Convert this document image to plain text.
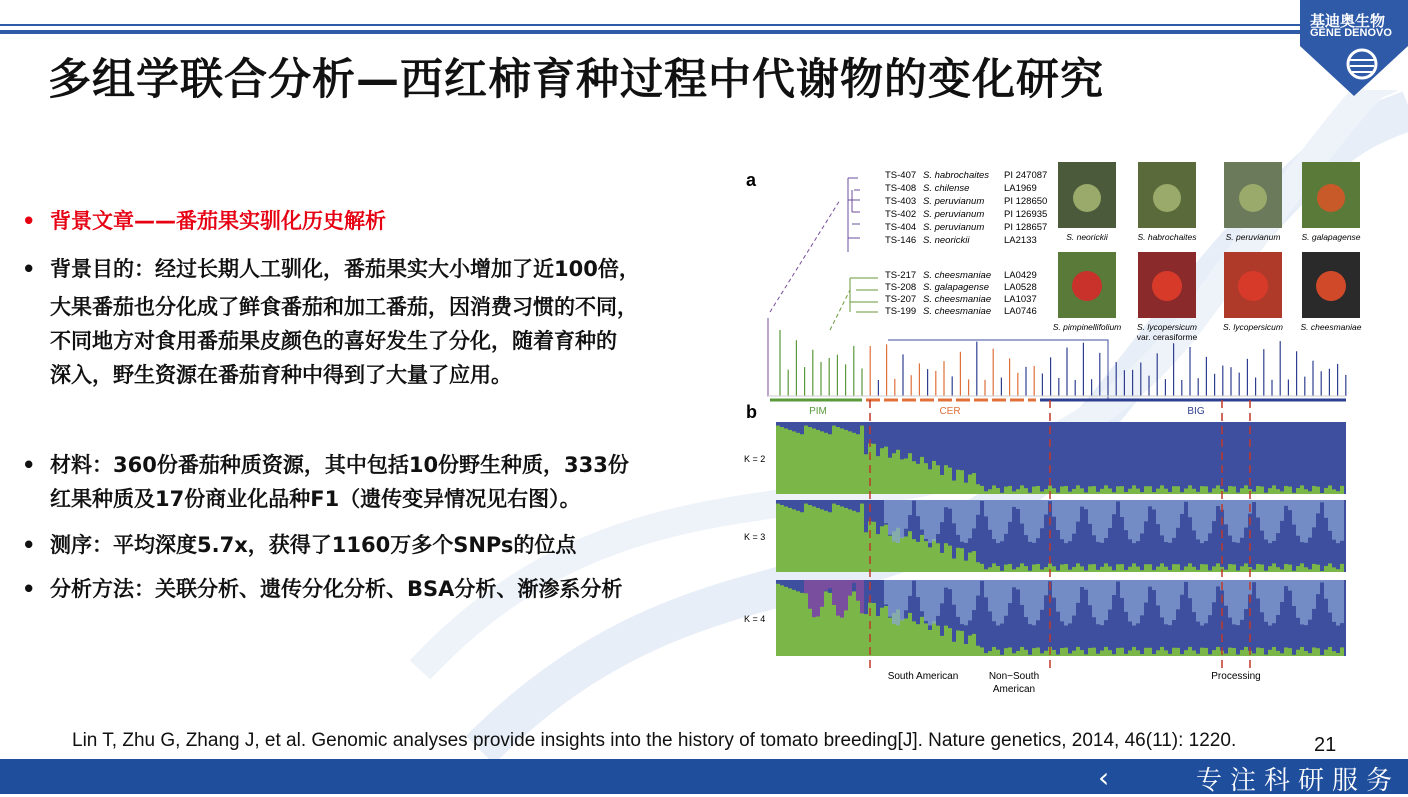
基迪奥生物
GENE DENOVO
多组学联合分析—西红柿育种过程中代谢物的变化研究
• 背景文章——番茄果实驯化历史解析
• 背景目的：经过长期人工驯化，番茄果实大小增加了近100倍，
大果番茄也分化成了鲜食番茄和加工番茄，因消费习惯的不同，
不同地方对食用番茄果皮颜色的喜好发生了分化，随着育种的
深入，野生资源在番茄育种中得到了大量了应用。
• 材料：360份番茄种质资源，其中包括10份野生种质，333份
红果种质及17份商业化品种F1（遗传变异情况见右图）。
• 测序：平均深度5.7x，获得了1160万多个SNPs的位点
• 分析方法：关联分析、遗传分化分析、BSA分析、渐渗系分析
a
b
TS-407 S. habrochaites PI 247087
TS-408 S. chilense	LA1969
TS-403 S. peruvianum PI 128650
TS-402 S. peruvianum PI 126935
TS-404 S. peruvianum PI 128657
TS-146 S. neorickii	LA2133
TS-217 S. cheesmaniae LA0429
TS-208 S. galapagense LA0528
TS-207 S. cheesmaniae LA1037
TS-199 S. cheesmaniae LA0746
S. neorickii	S. habrochaites	S. peruvianum S. galapagense
S. pimpinellifolium S. lycopersicum	S. lycopersicum S. cheesmaniae
var. cerasiforme
PIM	CER	BIG
K = 2
K = 3
K = 4
South American	Non−South
American
Processing
Lin T, Zhu G, Zhang J, et al. Genomic analyses provide insights into the history of tomato breeding[J]. Nature genetics, 2014, 46(11): 1220.	21
‹	专注科研服务
